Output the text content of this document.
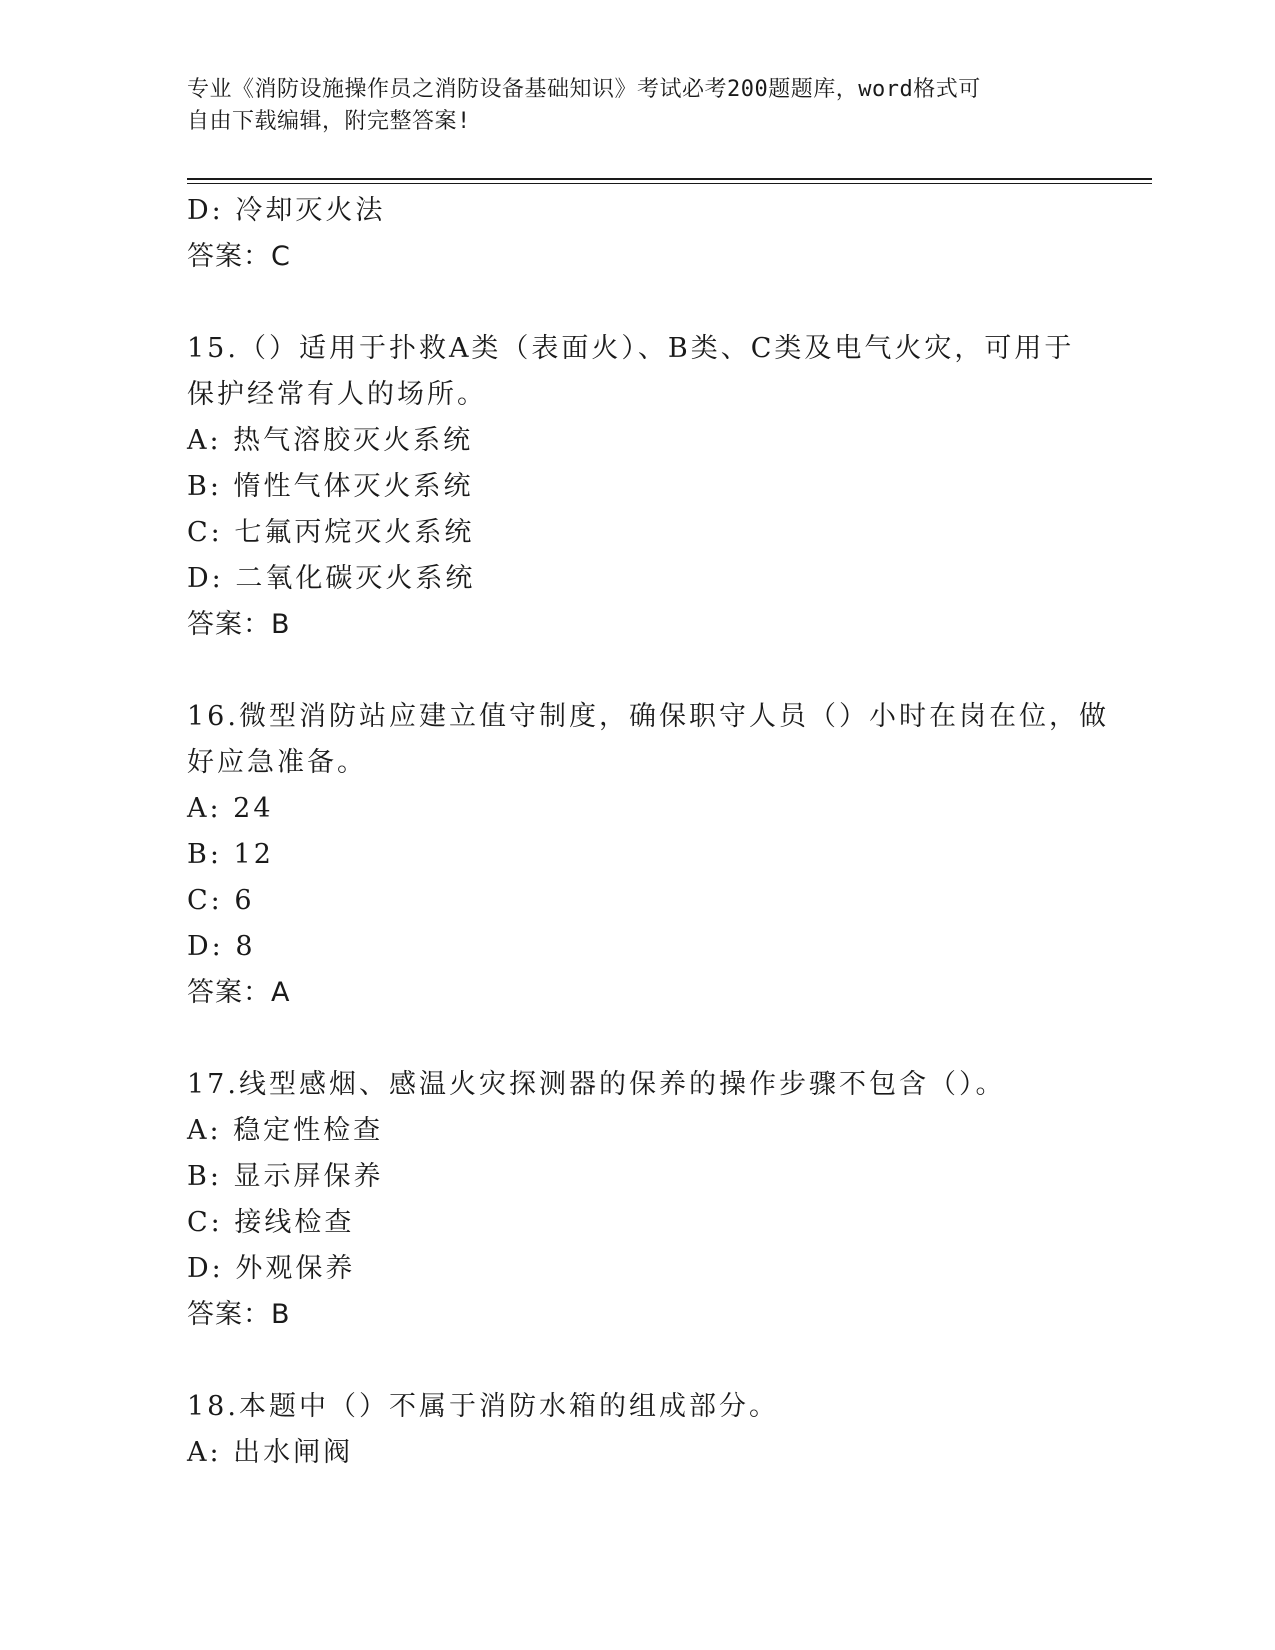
专业《消防设施操作员之消防设备基础知识》考试必考200题题库，word格式可
自由下载编辑，附完整答案!
D: 冷却灭火法
答案：C
15.（）适用于扑救A类（表面火）、B类、C类及电气火灾，可用于
保护经常有人的场所。
A: 热气溶胶灭火系统
B: 惰性气体灭火系统
C: 七氟丙烷灭火系统
D: 二氧化碳灭火系统
答案：B
16.微型消防站应建立值守制度，确保职守人员（）小时在岗在位，做
好应急准备。
A: 24
B: 12
C: 6
D: 8
答案：A
17.线型感烟、感温火灾探测器的保养的操作步骤不包含（）。
A: 稳定性检查
B: 显示屏保养
C: 接线检查
D: 外观保养
答案：B
18.本题中（）不属于消防水箱的组成部分。
A: 出水闸阀
